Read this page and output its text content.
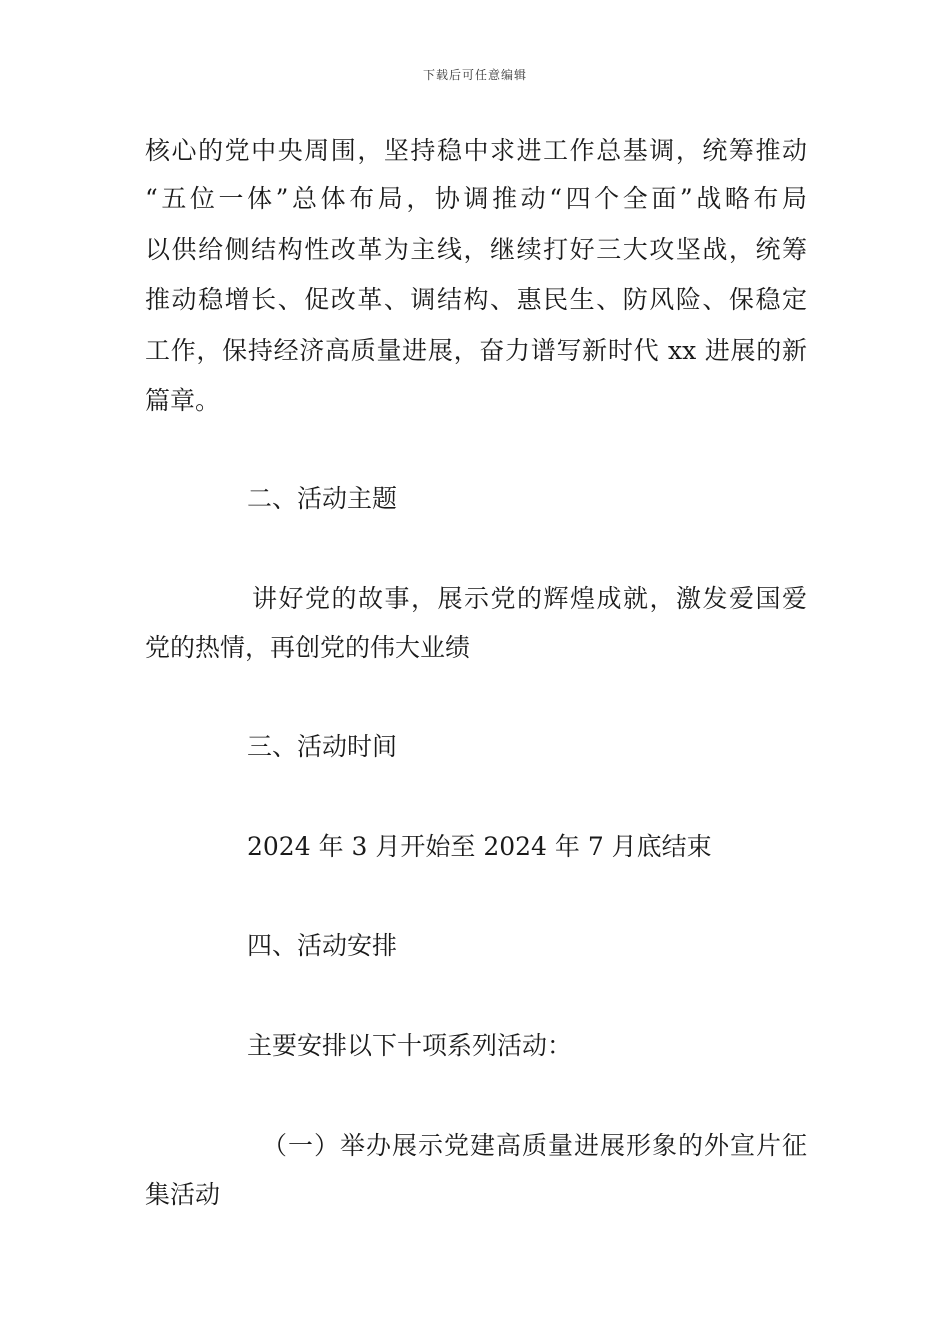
下载后可任意编辑
核心的党中央周围，坚持稳中求进工作总基调，统筹推动
“五位一体”总体布局，协调推动“四个全面”战略布局
以供给侧结构性改革为主线，继续打好三大攻坚战，统筹
推动稳增长、促改革、调结构、惠民生、防风险、保稳定
工作，保持经济高质量进展，奋力谱写新时代 xx 进展的新
篇章。
二、活动主题
讲好党的故事，展示党的辉煌成就，激发爱国爱
党的热情，再创党的伟大业绩
三、活动时间
2024 年 3 月开始至 2024 年 7 月底结束
四、活动安排
主要安排以下十项系列活动：
（一）举办展示党建高质量进展形象的外宣片征
集活动
